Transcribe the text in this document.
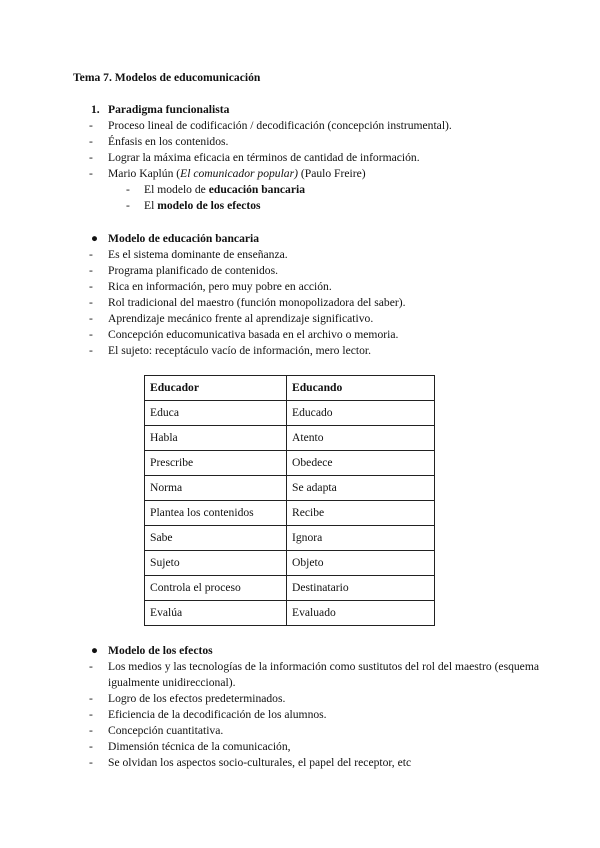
Tema 7. Modelos de educomunicación
1. Paradigma funcionalista
- Proceso lineal de codificación / decodificación (concepción instrumental).
- Énfasis en los contenidos.
- Lograr la máxima eficacia en términos de cantidad de información.
- Mario Kaplún (El comunicador popular) (Paulo Freire)
- El modelo de educación bancaria
- El modelo de los efectos
● Modelo de educación bancaria
- Es el sistema dominante de enseñanza.
- Programa planificado de contenidos.
- Rica en información, pero muy pobre en acción.
- Rol tradicional del maestro (función monopolizadora del saber).
- Aprendizaje mecánico frente al aprendizaje significativo.
- Concepción educomunicativa basada en el archivo o memoria.
- El sujeto: receptáculo vacío de información, mero lector.
Educador	Educando
Educa	Educado
Habla	Atento
Prescribe	Obedece
Norma	Se adapta
Plantea los contenidos	Recibe
Sabe	Ignora
Sujeto	Objeto
Controla el proceso	Destinatario
Evalúa	Evaluado
● Modelo de los efectos
- Los medios y las tecnologías de la información como sustitutos del rol del maestro (esquema igualmente unidireccional).
- Logro de los efectos predeterminados.
- Eficiencia de la decodificación de los alumnos.
- Concepción cuantitativa.
- Dimensión técnica de la comunicación,
- Se olvidan los aspectos socio-culturales, el papel del receptor, etc
